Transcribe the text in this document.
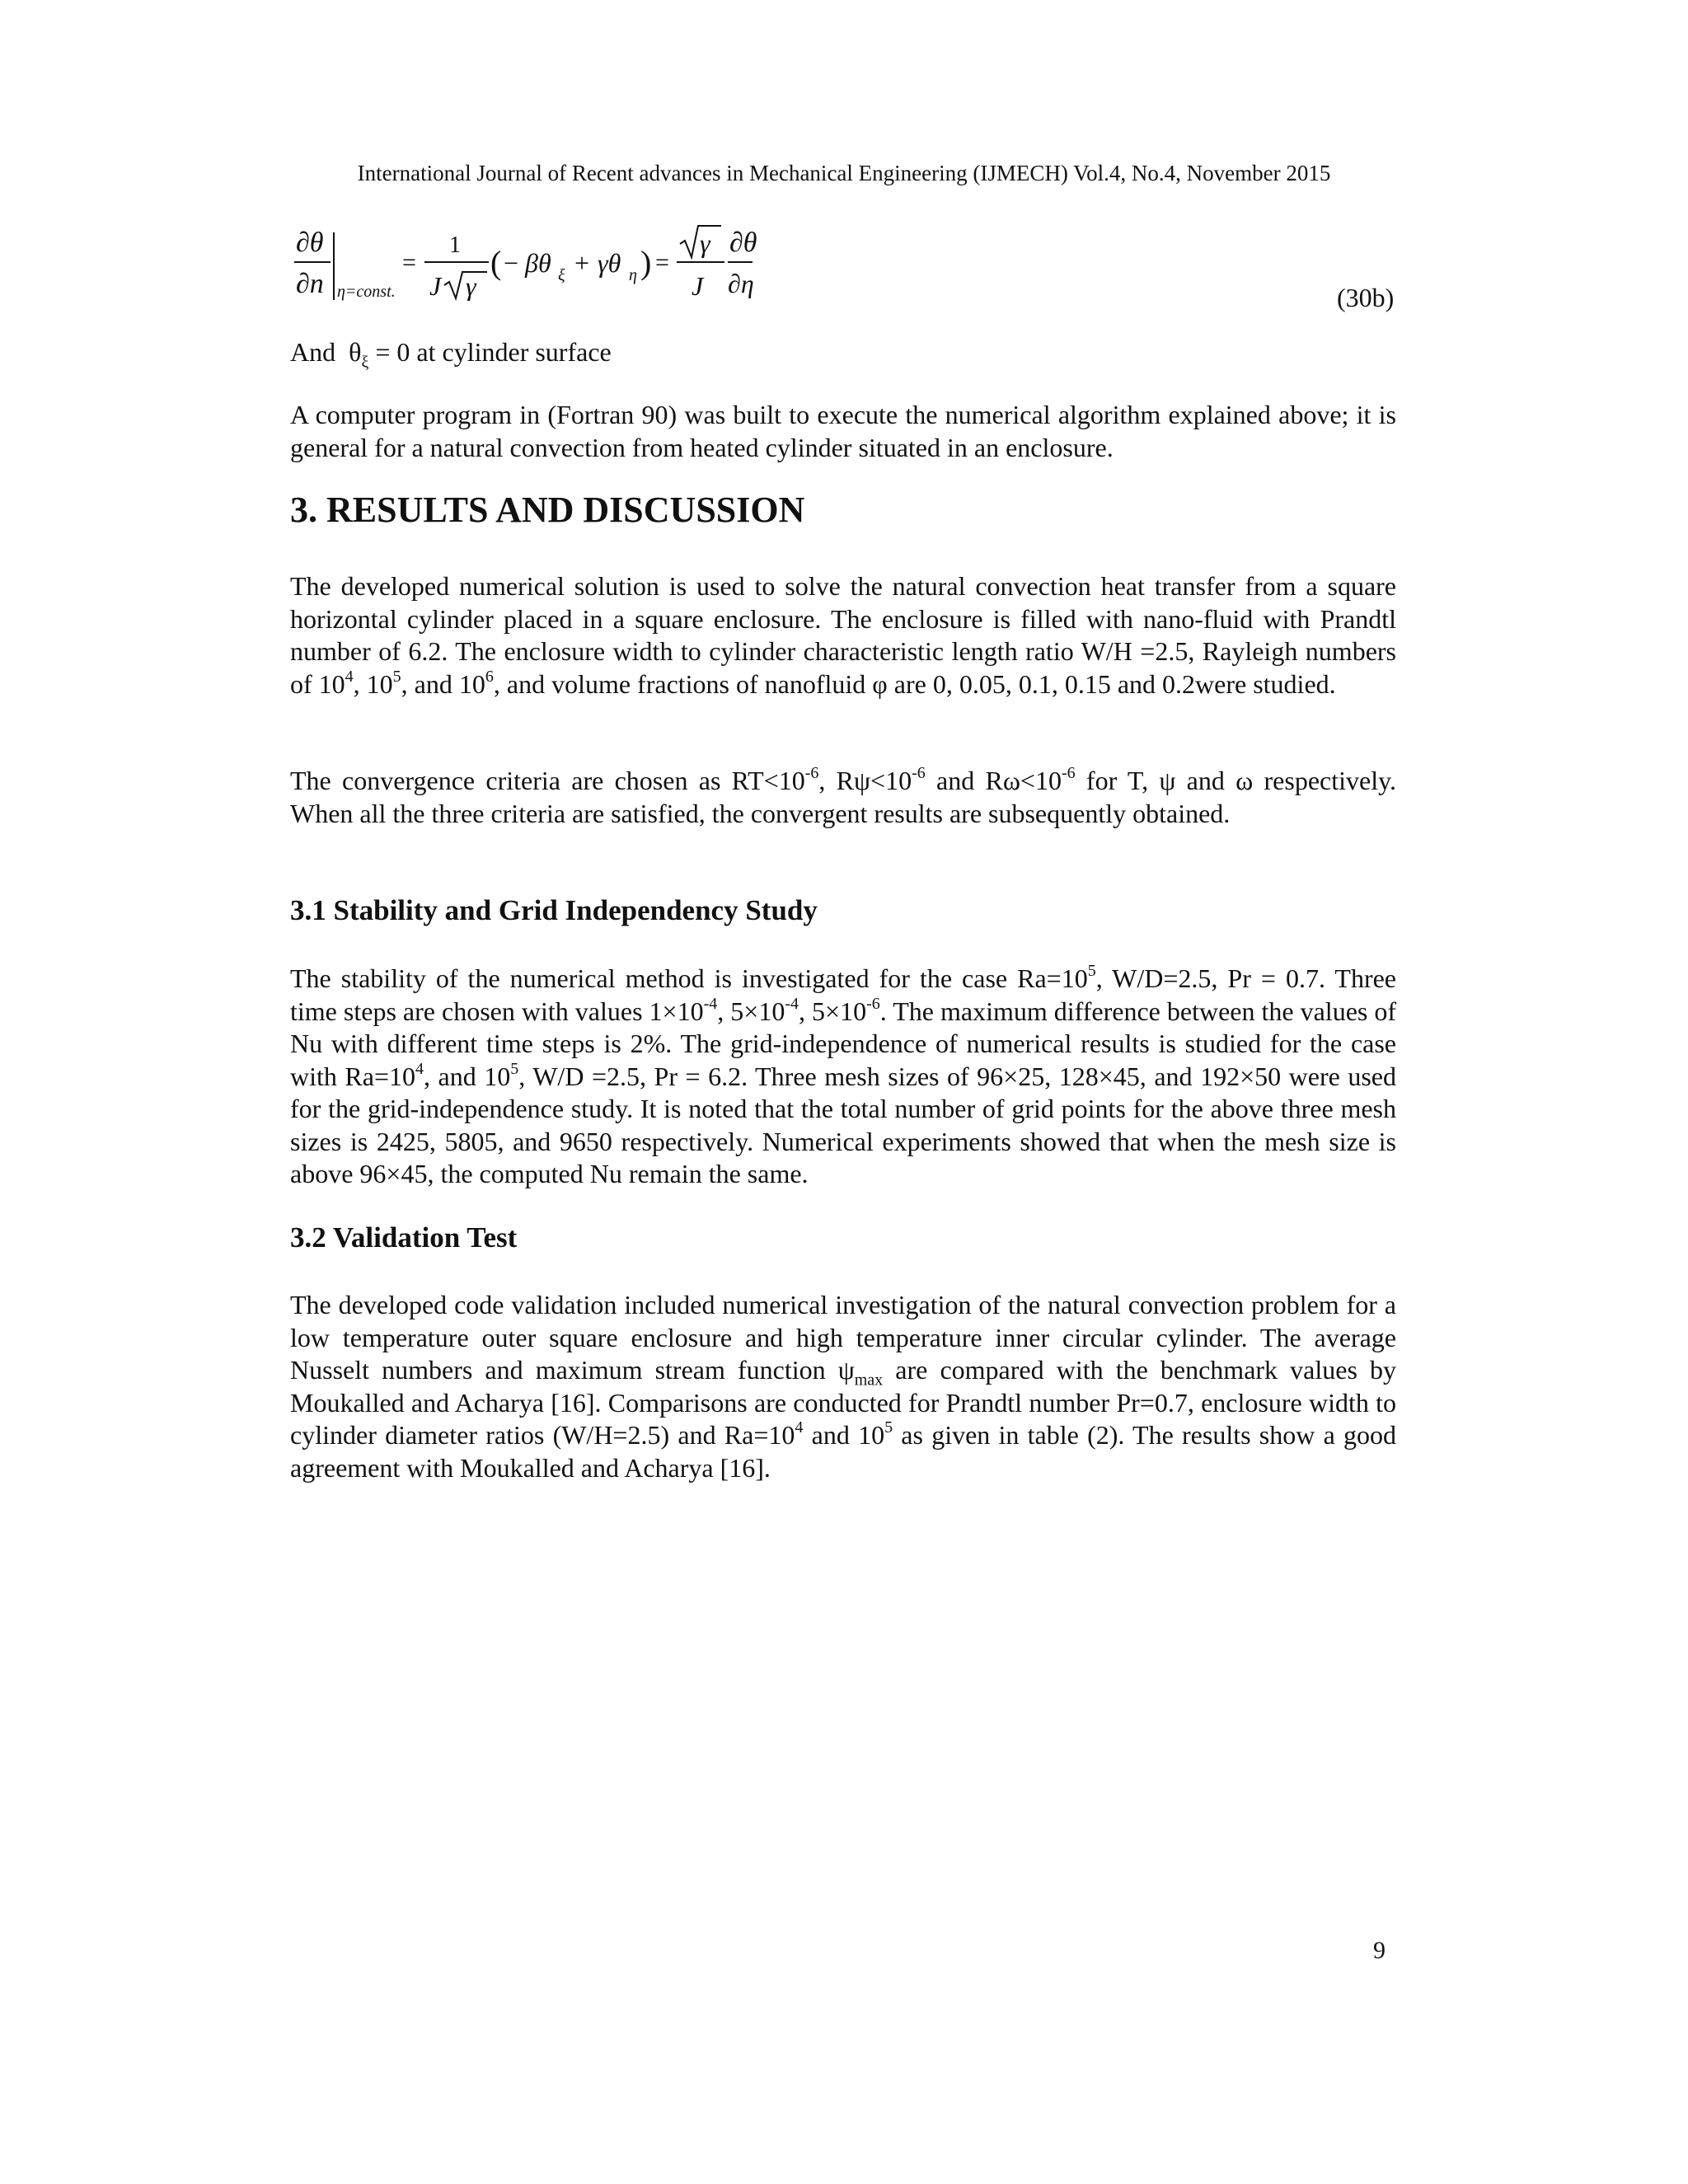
International Journal of Recent advances in Mechanical Engineering (IJMECH) Vol.4, No.4, November 2015
∂θ
∂n η=const.
=
1
J γ
( − βθ ξ + γθ η ) =
γ
J
∂θ
∂η	(30b)
And $\theta_\xi = 0$ at cylinder surface

A computer program in (Fortran 90) was built to execute the numerical algorithm explained above; it is general for a natural convection from heated cylinder situated in an enclosure.

3. RESULTS AND DISCUSSION

The developed numerical solution is used to solve the natural convection heat transfer from a square horizontal cylinder placed in a square enclosure. The enclosure is filled with nano-fluid with Prandtl number of 6.2. The enclosure width to cylinder characteristic length ratio W/H =2.5, Rayleigh numbers of $10^4$, $10^5$, and $10^6$, and volume fractions of nanofluid φ are 0, 0.05, 0.1, 0.15 and 0.2were studied.

The convergence criteria are chosen as $RT<10^{-6}$, $R\psi<10^{-6}$ and $R\omega<10^{-6}$ for T, ψ and ω respectively. When all the three criteria are satisfied, the convergent results are subsequently obtained.

3.1 Stability and Grid Independency Study

The stability of the numerical method is investigated for the case $Ra=10^5$, W/D=2.5, Pr = 0.7. Three time steps are chosen with values $1\times 10^{-4}$, $5\times 10^{-4}$, $5\times 10^{-6}$. The maximum difference between the values of Nu with different time steps is 2%. The grid-independence of numerical results is studied for the case with $Ra=10^4$, and $10^5$, W/D =2.5, Pr = 6.2. Three mesh sizes of 96×25, 128×45, and 192×50 were used for the grid-independence study. It is noted that the total number of grid points for the above three mesh sizes is 2425, 5805, and 9650 respectively. Numerical experiments showed that when the mesh size is above 96×45, the computed Nu remain the same.

3.2 Validation Test

The developed code validation included numerical investigation of the natural convection problem for a low temperature outer square enclosure and high temperature inner circular cylinder. The average Nusselt numbers and maximum stream function $\psi_{max}$ are compared with the benchmark values by Moukalled and Acharya [16]. Comparisons are conducted for Prandtl number Pr=0.7, enclosure width to cylinder diameter ratios (W/H=2.5) and $Ra=10^4$ and $10^5$ as given in table (2). The results show a good agreement with Moukalled and Acharya [16].

9
